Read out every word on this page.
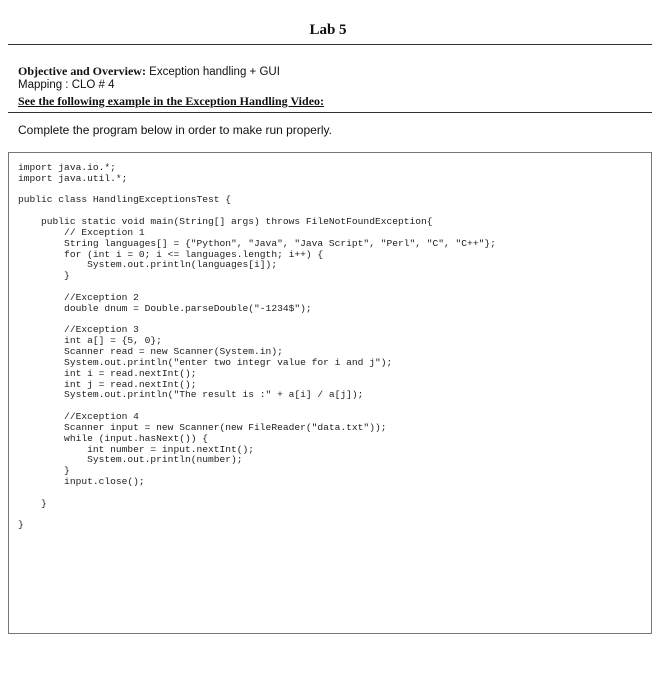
Lab 5
Objective and Overview: Exception handling + GUI
Mapping : CLO # 4
See the following example in the Exception Handling Video:
Complete the program below in order to make run properly.
import java.io.*;
import java.util.*;

public class HandlingExceptionsTest {

public static void main(String[] args) throws FileNotFoundException{
// Exception 1
String languages[] = {"Python", "Java", "Java Script", "Perl", "C", "C++"};
for (int i = 0; i <= languages.length; i++) {
System.out.println(languages[i]);
}

//Exception 2
double dnum = Double.parseDouble("-1234$");

//Exception 3
int a[] = {5, 0};
Scanner read = new Scanner(System.in);
System.out.println("enter two integr value for i and j");
int i = read.nextInt();
int j = read.nextInt();
System.out.println("The result is :" + a[i] / a[j]);

//Exception 4
Scanner input = new Scanner(new FileReader("data.txt"));
while (input.hasNext()) {
int number = input.nextInt();
System.out.println(number);
}
input.close();

}

}
